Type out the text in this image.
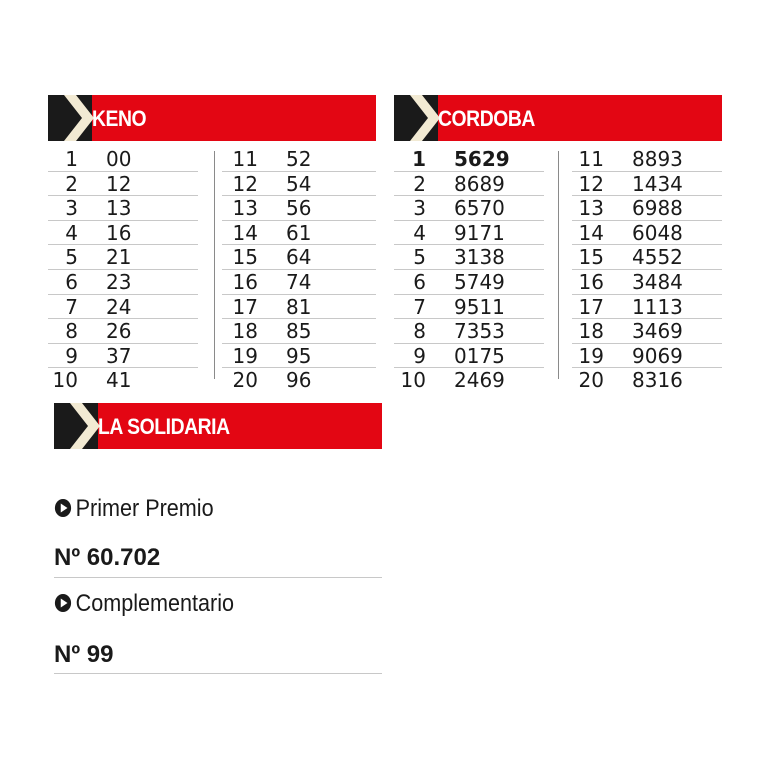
KENO
1 00
2 12
3 13
4 16
5 21
6 23
7 24
8 26
9 37
10 41
11 52
12 54
13 56
14 61
15 64
16 74
17 81
18 85
19 95
20 96
CORDOBA
1 5629
2 8689
3 6570
4 9171
5 3138
6 5749
7 9511
8 7353
9 0175
10 2469
11 8893
12 1434
13 6988
14 6048
15 4552
16 3484
17 1113
18 3469
19 9069
20 8316
LA SOLIDARIA
Primer Premio
Nº 60.702
Complementario
Nº 99
